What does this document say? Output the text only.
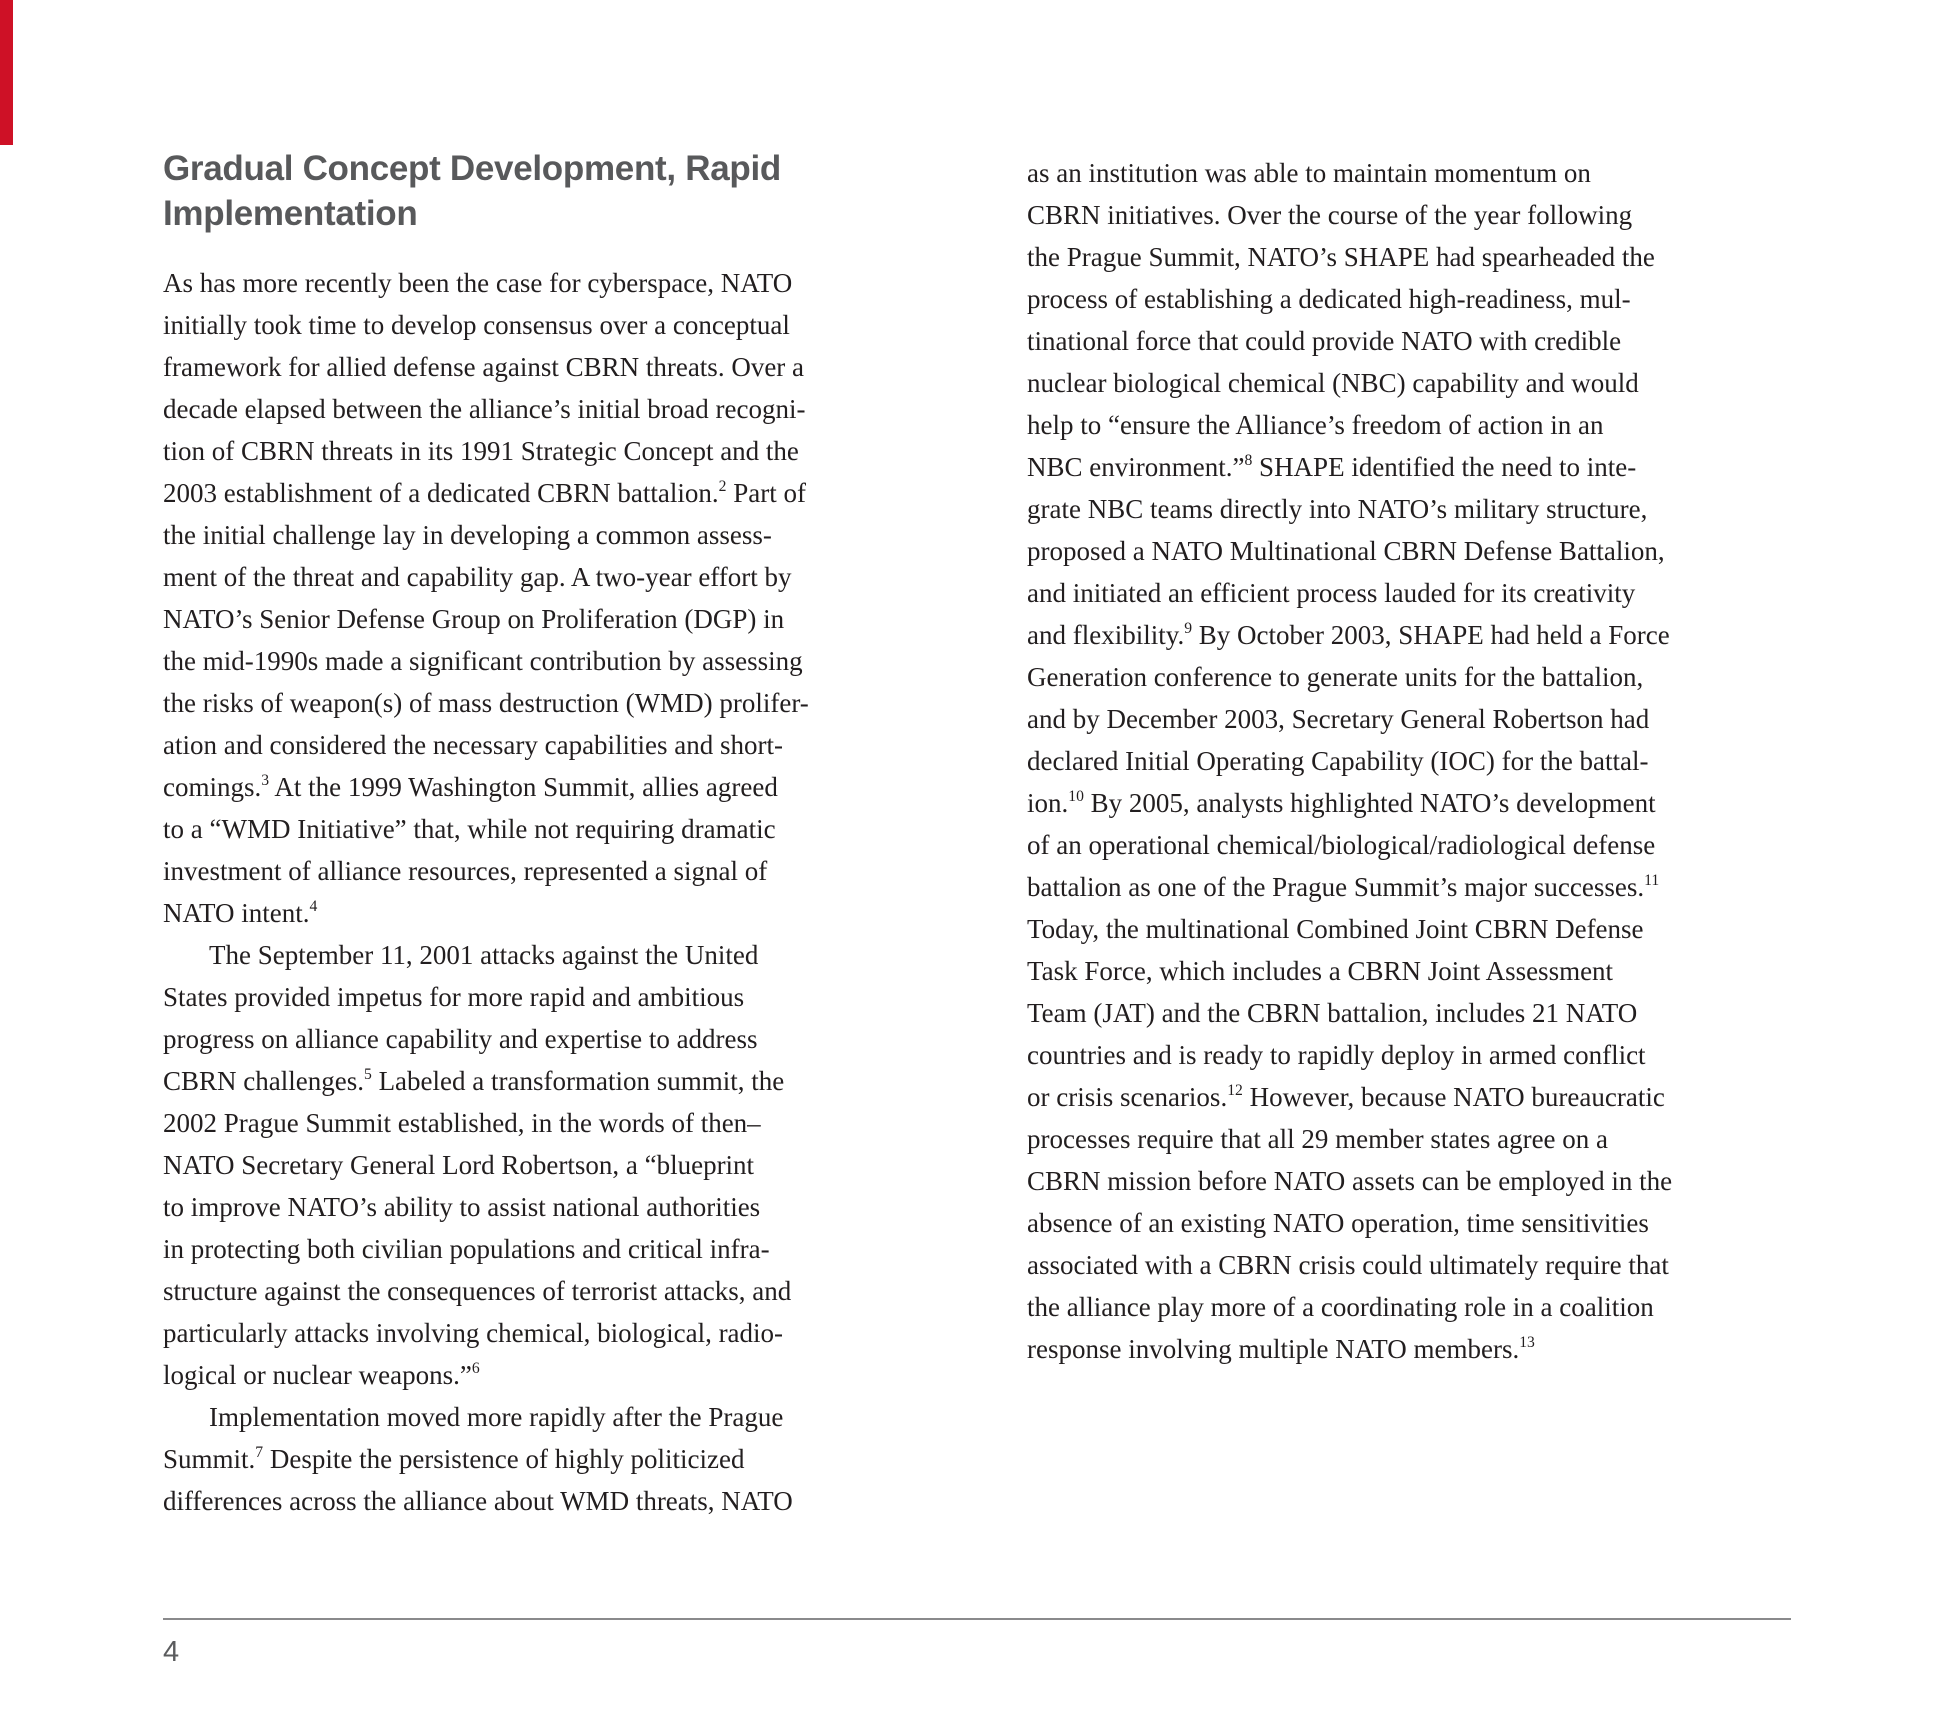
Gradual Concept Development, Rapid
Implementation
As has more recently been the case for cyberspace, NATO
initially took time to develop consensus over a conceptual
framework for allied defense against CBRN threats. Over a
decade elapsed between the alliance’s initial broad recogni-
tion of CBRN threats in its 1991 Strategic Concept and the
2003 establishment of a dedicated CBRN battalion.$^2$ Part of
the initial challenge lay in developing a common assess-
ment of the threat and capability gap. A two-year effort by
NATO’s Senior Defense Group on Proliferation (DGP) in
the mid-1990s made a significant contribution by assessing
the risks of weapon(s) of mass destruction (WMD) prolifer-
ation and considered the necessary capabilities and short-
comings.$^3$ At the 1999 Washington Summit, allies agreed
to a “WMD Initiative” that, while not requiring dramatic
investment of alliance resources, represented a signal of
NATO intent.$^4$
The September 11, 2001 attacks against the United
States provided impetus for more rapid and ambitious
progress on alliance capability and expertise to address
CBRN challenges.$^5$ Labeled a transformation summit, the
2002 Prague Summit established, in the words of then–
NATO Secretary General Lord Robertson, a “blueprint
to improve NATO’s ability to assist national authorities
in protecting both civilian populations and critical infra-
structure against the consequences of terrorist attacks, and
particularly attacks involving chemical, biological, radio-
logical or nuclear weapons.”$^6$
Implementation moved more rapidly after the Prague
Summit.$^7$ Despite the persistence of highly politicized
differences across the alliance about WMD threats, NATO
as an institution was able to maintain momentum on
CBRN initiatives. Over the course of the year following
the Prague Summit, NATO’s SHAPE had spearheaded the
process of establishing a dedicated high-readiness, mul-
tinational force that could provide NATO with credible
nuclear biological chemical (NBC) capability and would
help to “ensure the Alliance’s freedom of action in an
NBC environment.”$^8$ SHAPE identified the need to inte-
grate NBC teams directly into NATO’s military structure,
proposed a NATO Multinational CBRN Defense Battalion,
and initiated an efficient process lauded for its creativity
and flexibility.$^9$ By October 2003, SHAPE had held a Force
Generation conference to generate units for the battalion,
and by December 2003, Secretary General Robertson had
declared Initial Operating Capability (IOC) for the battal-
ion.$^{10}$ By 2005, analysts highlighted NATO’s development
of an operational chemical/biological/radiological defense
battalion as one of the Prague Summit’s major successes.$^{11}$
Today, the multinational Combined Joint CBRN Defense
Task Force, which includes a CBRN Joint Assessment
Team (JAT) and the CBRN battalion, includes 21 NATO
countries and is ready to rapidly deploy in armed conflict
or crisis scenarios.$^{12}$ However, because NATO bureaucratic
processes require that all 29 member states agree on a
CBRN mission before NATO assets can be employed in the
absence of an existing NATO operation, time sensitivities
associated with a CBRN crisis could ultimately require that
the alliance play more of a coordinating role in a coalition
response involving multiple NATO members.$^{13}$
4
